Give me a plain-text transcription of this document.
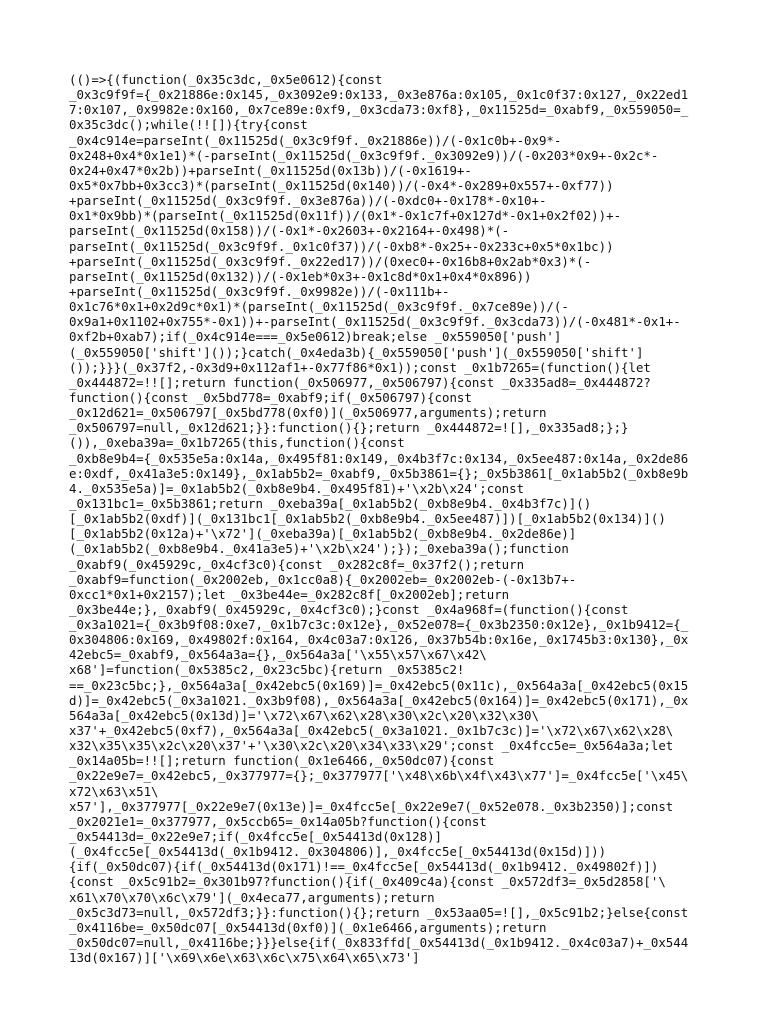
(()=>{(function(_0x35c3dc,_0x5e0612){const
_0x3c9f9f={_0x21886e:0x145,_0x3092e9:0x133,_0x3e876a:0x105,_0x1c0f37:0x127,_0x22ed1
7:0x107,_0x9982e:0x160,_0x7ce89e:0xf9,_0x3cda73:0xf8},_0x11525d=_0xabf9,_0x559050=_
0x35c3dc();while(!![]){try{const
_0x4c914e=parseInt(_0x11525d(_0x3c9f9f._0x21886e))/(-0x1c0b+-0x9*-
0x248+0x4*0x1e1)*(-parseInt(_0x11525d(_0x3c9f9f._0x3092e9))/(-0x203*0x9+-0x2c*-
0x24+0x47*0x2b))+parseInt(_0x11525d(0x13b))/(-0x1619+-
0x5*0x7bb+0x3cc3)*(parseInt(_0x11525d(0x140))/(-0x4*-0x289+0x557+-0xf77))
+parseInt(_0x11525d(_0x3c9f9f._0x3e876a))/(-0xdc0+-0x178*-0x10+-
0x1*0x9bb)*(parseInt(_0x11525d(0x11f))/(0x1*-0x1c7f+0x127d*-0x1+0x2f02))+-
parseInt(_0x11525d(0x158))/(-0x1*-0x2603+-0x2164+-0x498)*(-
parseInt(_0x11525d(_0x3c9f9f._0x1c0f37))/(-0xb8*-0x25+-0x233c+0x5*0x1bc))
+parseInt(_0x11525d(_0x3c9f9f._0x22ed17))/(0xec0+-0x16b8+0x2ab*0x3)*(-
parseInt(_0x11525d(0x132))/(-0x1eb*0x3+-0x1c8d*0x1+0x4*0x896))
+parseInt(_0x11525d(_0x3c9f9f._0x9982e))/(-0x111b+-
0x1c76*0x1+0x2d9c*0x1)*(parseInt(_0x11525d(_0x3c9f9f._0x7ce89e))/(-
0x9a1+0x1102+0x755*-0x1))+-parseInt(_0x11525d(_0x3c9f9f._0x3cda73))/(-0x481*-0x1+-
0xf2b+0xab7);if(_0x4c914e===_0x5e0612)break;else _0x559050['push']
(_0x559050['shift']());}catch(_0x4eda3b){_0x559050['push'](_0x559050['shift']
());}}}(_0x37f2,-0x3d9+0x112af1+-0x77f86*0x1));const _0x1b7265=(function(){let
_0x444872=!![];return function(_0x506977,_0x506797){const _0x335ad8=_0x444872?
function(){const _0x5bd778=_0xabf9;if(_0x506797){const
_0x12d621=_0x506797[_0x5bd778(0xf0)](_0x506977,arguments);return
_0x506797=null,_0x12d621;}}:function(){};return _0x444872=![],_0x335ad8;};}
()),_0xeba39a=_0x1b7265(this,function(){const
_0xb8e9b4={_0x535e5a:0x14a,_0x495f81:0x149,_0x4b3f7c:0x134,_0x5ee487:0x14a,_0x2de86
e:0xdf,_0x41a3e5:0x149},_0x1ab5b2=_0xabf9,_0x5b3861={};_0x5b3861[_0x1ab5b2(_0xb8e9b
4._0x535e5a)]=_0x1ab5b2(_0xb8e9b4._0x495f81)+'\x2b\x24';const
_0x131bc1=_0x5b3861;return _0xeba39a[_0x1ab5b2(_0xb8e9b4._0x4b3f7c)]()
[_0x1ab5b2(0xdf)](_0x131bc1[_0x1ab5b2(_0xb8e9b4._0x5ee487)])[_0x1ab5b2(0x134)]()
[_0x1ab5b2(0x12a)+'\x72'](_0xeba39a)[_0x1ab5b2(_0xb8e9b4._0x2de86e)]
(_0x1ab5b2(_0xb8e9b4._0x41a3e5)+'\x2b\x24');});_0xeba39a();function
_0xabf9(_0x45929c,_0x4cf3c0){const _0x282c8f=_0x37f2();return
_0xabf9=function(_0x2002eb,_0x1cc0a8){_0x2002eb=_0x2002eb-(-0x13b7+-
0xcc1*0x1+0x2157);let _0x3be44e=_0x282c8f[_0x2002eb];return
_0x3be44e;},_0xabf9(_0x45929c,_0x4cf3c0);}const _0x4a968f=(function(){const
_0x3a1021={_0x3b9f08:0xe7,_0x1b7c3c:0x12e},_0x52e078={_0x3b2350:0x12e},_0x1b9412={_
0x304806:0x169,_0x49802f:0x164,_0x4c03a7:0x126,_0x37b54b:0x16e,_0x1745b3:0x130},_0x
42ebc5=_0xabf9,_0x564a3a={},_0x564a3a['\x55\x57\x67\x42\
x68']=function(_0x5385c2,_0x23c5bc){return _0x5385c2!
==_0x23c5bc;},_0x564a3a[_0x42ebc5(0x169)]=_0x42ebc5(0x11c),_0x564a3a[_0x42ebc5(0x15
d)]=_0x42ebc5(_0x3a1021._0x3b9f08),_0x564a3a[_0x42ebc5(0x164)]=_0x42ebc5(0x171),_0x
564a3a[_0x42ebc5(0x13d)]='\x72\x67\x62\x28\x30\x2c\x20\x32\x30\
x37'+_0x42ebc5(0xf7),_0x564a3a[_0x42ebc5(_0x3a1021._0x1b7c3c)]='\x72\x67\x62\x28\
x32\x35\x35\x2c\x20\x37'+'\x30\x2c\x20\x34\x33\x29';const _0x4fcc5e=_0x564a3a;let
_0x14a05b=!![];return function(_0x1e6466,_0x50dc07){const
_0x22e9e7=_0x42ebc5,_0x377977={};_0x377977['\x48\x6b\x4f\x43\x77']=_0x4fcc5e['\x45\
x72\x63\x51\
x57'],_0x377977[_0x22e9e7(0x13e)]=_0x4fcc5e[_0x22e9e7(_0x52e078._0x3b2350)];const
_0x2021e1=_0x377977,_0x5ccb65=_0x14a05b?function(){const
_0x54413d=_0x22e9e7;if(_0x4fcc5e[_0x54413d(0x128)]
(_0x4fcc5e[_0x54413d(_0x1b9412._0x304806)],_0x4fcc5e[_0x54413d(0x15d)]))
{if(_0x50dc07){if(_0x54413d(0x171)!==_0x4fcc5e[_0x54413d(_0x1b9412._0x49802f)])
{const _0x5c91b2=_0x301b97?function(){if(_0x409c4a){const _0x572df3=_0x5d2858['\
x61\x70\x70\x6c\x79'](_0x4eca77,arguments);return
_0x5c3d73=null,_0x572df3;}}:function(){};return _0x53aa05=![],_0x5c91b2;}else{const
_0x4116be=_0x50dc07[_0x54413d(0xf0)](_0x1e6466,arguments);return
_0x50dc07=null,_0x4116be;}}}else{if(_0x833ffd[_0x54413d(_0x1b9412._0x4c03a7)+_0x544
13d(0x167)]['\x69\x6e\x63\x6c\x75\x64\x65\x73']
